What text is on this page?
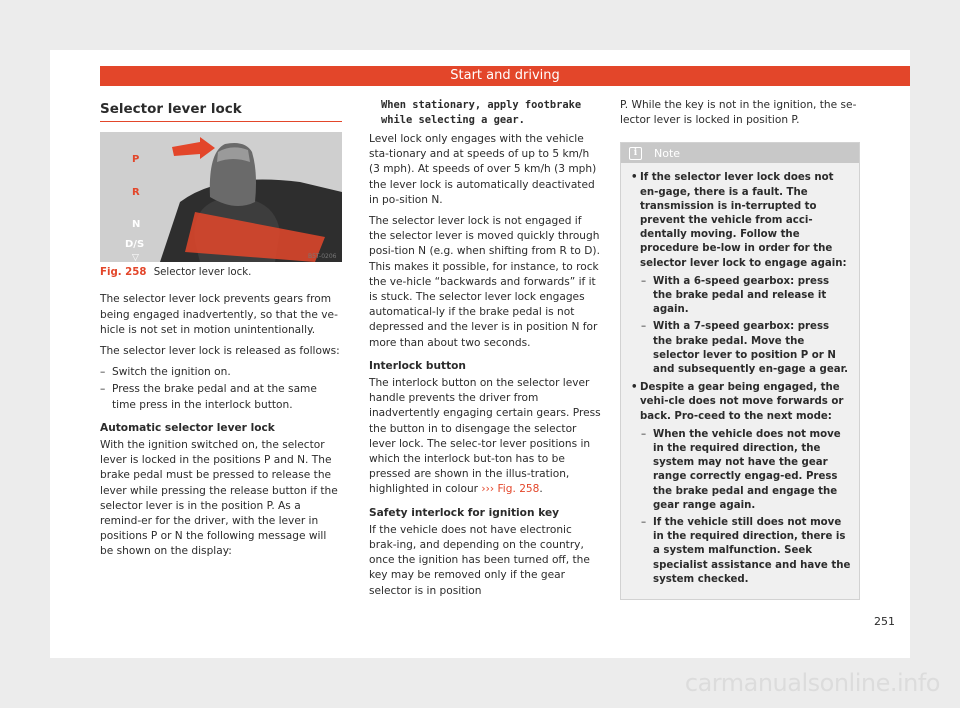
Start and driving
Selector lever lock
P
R
N
D/S
▽	B5T-0206
Fig. 258 Selector lever lock.

The selector lever lock prevents gears from being engaged inadvertently, so that the ve-hicle is not set in motion unintentionally.

The selector lever lock is released as follows:

– Switch the ignition on.
– Press the brake pedal and at the same time press in the interlock button.
Automatic selector lever lock

With the ignition switched on, the selector lever is locked in the positions P and N. The brake pedal must be pressed to release the lever while pressing the release button if the selector lever is in the position P. As a remind-er for the driver, with the lever in positions P or N the following message will be shown on the display:

When stationary, apply footbrake while selecting a gear.

Level lock only engages with the vehicle sta-tionary and at speeds of up to 5 km/h (3 mph). At speeds of over 5 km/h (3 mph) the lever lock is automatically deactivated in po-sition N.

The selector lever lock is not engaged if the selector lever is moved quickly through posi-tion N (e.g. when shifting from R to D). This makes it possible, for instance, to rock the ve-hicle “backwards and forwards” if it is stuck. The selector lever lock engages automatical-ly if the brake pedal is not depressed and the lever is in position N for more than about two seconds.

Interlock button

The interlock button on the selector lever handle prevents the driver from inadvertently engaging certain gears. Press the button in to disengage the selector lever lock. The selec-tor lever positions in which the interlock but-ton has to be pressed are shown in the illus-tration, highlighted in colour ››› Fig. 258.

Safety interlock for ignition key

If the vehicle does not have electronic brak-ing, and depending on the country, once the ignition has been turned off, the key may be removed only if the gear selector is in position

P. While the key is not in the ignition, the se-lector lever is locked in position P.

i	Note
• If the selector lever lock does not en-gage, there is a fault. The transmission is in-terrupted to prevent the vehicle from acci-dentally moving. Follow the procedure be-low in order for the selector lever lock to engage again:
– With a 6-speed gearbox: press the brake pedal and release it again.
– With a 7-speed gearbox: press the brake pedal. Move the selector lever to position P or N and subsequently en-gage a gear.
• Despite a gear being engaged, the vehi-cle does not move forwards or back. Pro-ceed to the next mode:
– When the vehicle does not move in the required direction, the system may not have the gear range correctly engag-ed. Press the brake pedal and engage the gear range again.
– If the vehicle still does not move in the required direction, there is a system malfunction. Seek specialist assistance and have the system checked.
251
carmanualsonline.info
